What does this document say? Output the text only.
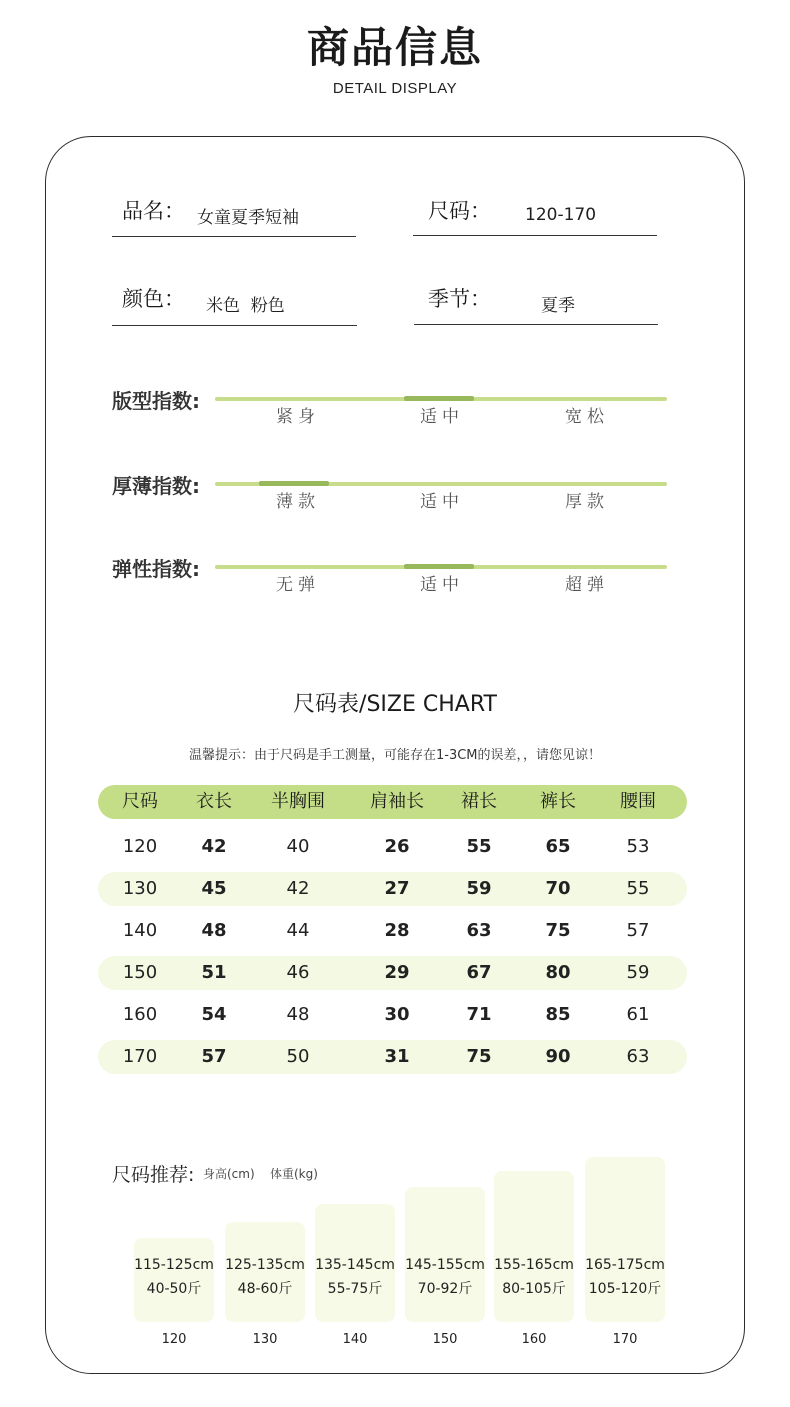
商品信息
DETAIL DISPLAY
品名： 女童夏季短袖	尺码： 120-170
颜色： 米色  粉色	季节：	夏季
版型指数:
紧身	适中	宽松
厚薄指数:
薄款	适中	厚款
弹性指数:
无弹	适中	超弹
尺码表/SIZE CHART
温馨提示：由于尺码是手工测量，可能存在1-3CM的误差，，请您见谅！
尺码	衣长	半胸围	肩袖长	裙长	裤长	腰围
120	42	40	26	55	65	53
130	45	42	27	59	70	55
140	48	44	28	63	75	57
150	51	46	29	67	80	59
160	54	48	30	71	85	61
170	57	50	31	75	90	63
尺码推荐: 身高(cm) 体重(kg)
115-125cm
40-50斤
120
125-135cm
48-60斤
130
135-145cm
55-75斤
140
145-155cm
70-92斤
150
155-165cm
80-105斤
160
165-175cm
105-120斤
170
